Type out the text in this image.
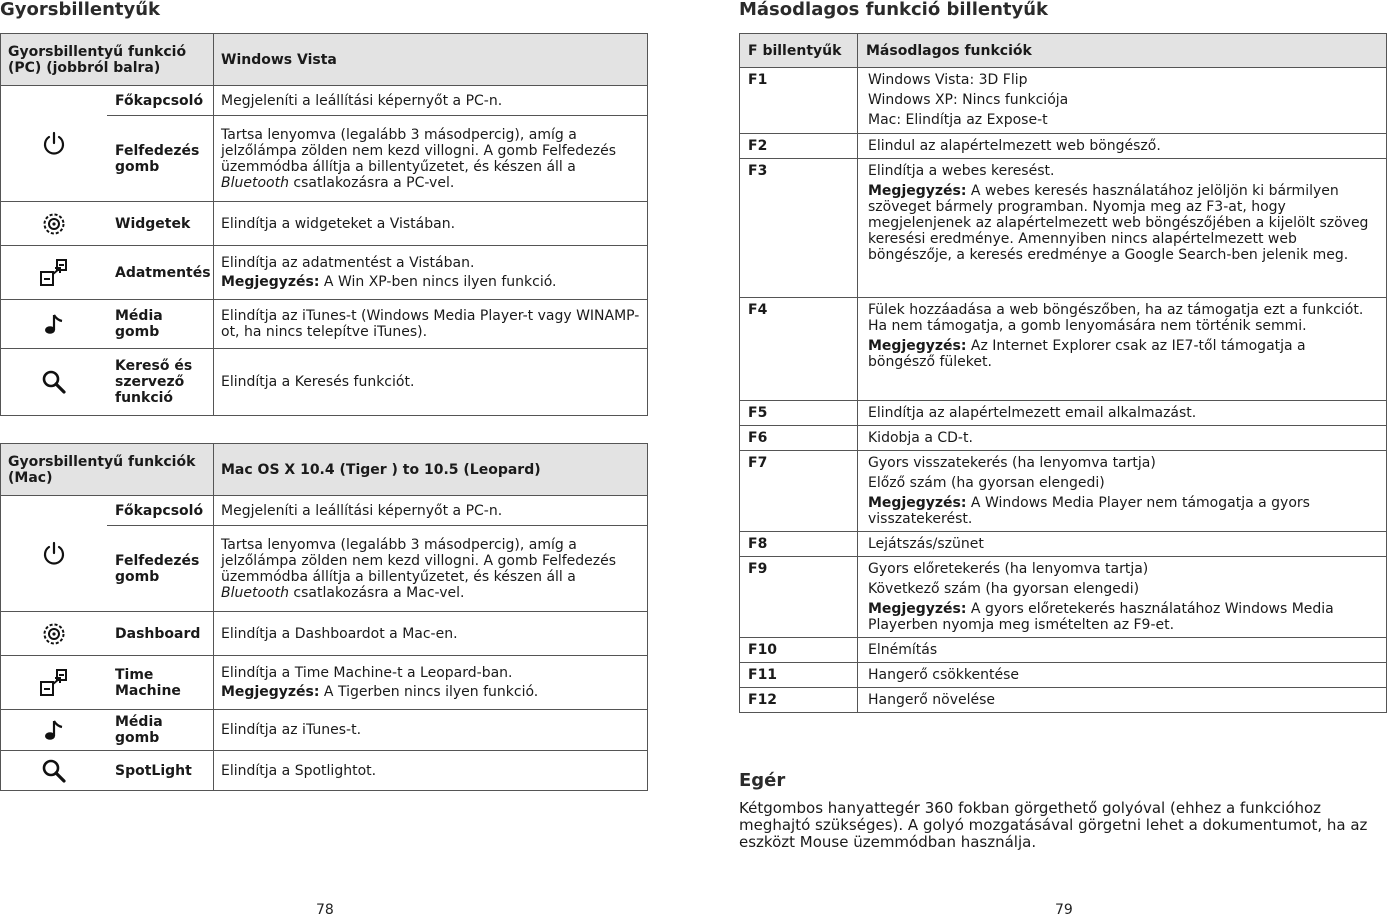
Gyorsbillentyűk
Gyorsbillentyű funkció (PC) (jobbról balra)		Windows Vista

	Főkapcsoló	Megjeleníti a leállítási képernyőt a PC-n.
	Felfedezés gomb	Tartsa lenyomva (legalább 3 másodpercig), amíg a jelzőlámpa zölden nem kezd villogni. A gomb Felfedezés üzemmódba állítja a billentyűzetet, és készen áll a Bluetooth csatlakozásra a PC-vel.

	Widgetek	Elindítja a widgeteket a Vistában.

	Adatmentés	Elindítja az adatmentést a Vistában.

Megjegyzés: A Win XP-ben nincs ilyen funkció.

	Média gomb	Elindítja az iTunes-t (Windows Media Player-t vagy WINAMP-ot, ha nincs telepítve iTunes).

	Kereső és szervező funkció	Elindítja a Keresés funkciót.
Gyorsbillentyű funkciók (Mac)		Mac OS X 10.4 (Tiger ) to 10.5 (Leopard)

	Főkapcsoló	Megjeleníti a leállítási képernyőt a PC-n.
	Felfedezés gomb	Tartsa lenyomva (legalább 3 másodpercig), amíg a jelzőlámpa zölden nem kezd villogni. A gomb Felfedezés üzemmódba állítja a billentyűzetet, és készen áll a Bluetooth csatlakozásra a Mac-vel.

	Dashboard	Elindítja a Dashboardot a Mac-en.

	Time Machine	Elindítja a Time Machine-t a Leopard-ban.

Megjegyzés: A Tigerben nincs ilyen funkció.

	Média gomb	Elindítja az iTunes-t.

	SpotLight	Elindítja a Spotlightot.
78
Másodlagos funkció billentyűk
F billentyűk	Másodlagos funkciók
F1	Windows Vista: 3D Flip

Windows XP: Nincs funkciója

Mac: Elindítja az Expose-t

F2	Elindul az alapértelmezett web böngésző.

F3	Elindítja a webes keresést.

Megjegyzés: A webes keresés használatához jelöljön ki bármilyen szöveget bármely programban. Nyomja meg az F3-at, hogy megjelenjenek az alapértelmezett web böngészőjében a kijelölt szöveg keresési eredménye. Amennyiben nincs alapértelmezett web böngészője, a keresés eredménye a Google Search-ben jelenik meg.

F4	Fülek hozzáadása a web böngészőben, ha az támogatja ezt a funkciót. Ha nem támogatja, a gomb lenyomására nem történik semmi.

Megjegyzés: Az Internet Explorer csak az IE7-től támogatja a böngésző füleket.

F5	Elindítja az alapértelmezett email alkalmazást.

F6	Kidobja a CD-t.

F7	Gyors visszatekerés (ha lenyomva tartja)

Előző szám (ha gyorsan elengedi)

Megjegyzés: A Windows Media Player nem támogatja a gyors visszatekerést.

F8	Lejátszás/szünet

F9	Gyors előretekerés (ha lenyomva tartja)

Következő szám (ha gyorsan elengedi)

Megjegyzés: A gyors előretekerés használatához Windows Media Playerben nyomja meg ismételten az F9-et.

F10	Elnémítás

F11	Hangerő csökkentése

F12	Hangerő növelése

Egér
Kétgombos hanyattegér 360 fokban görgethető golyóval (ehhez a funkcióhoz meghajtó szükséges). A golyó mozgatásával görgetni lehet a dokumentumot, ha az eszközt Mouse üzemmódban használja.
79
